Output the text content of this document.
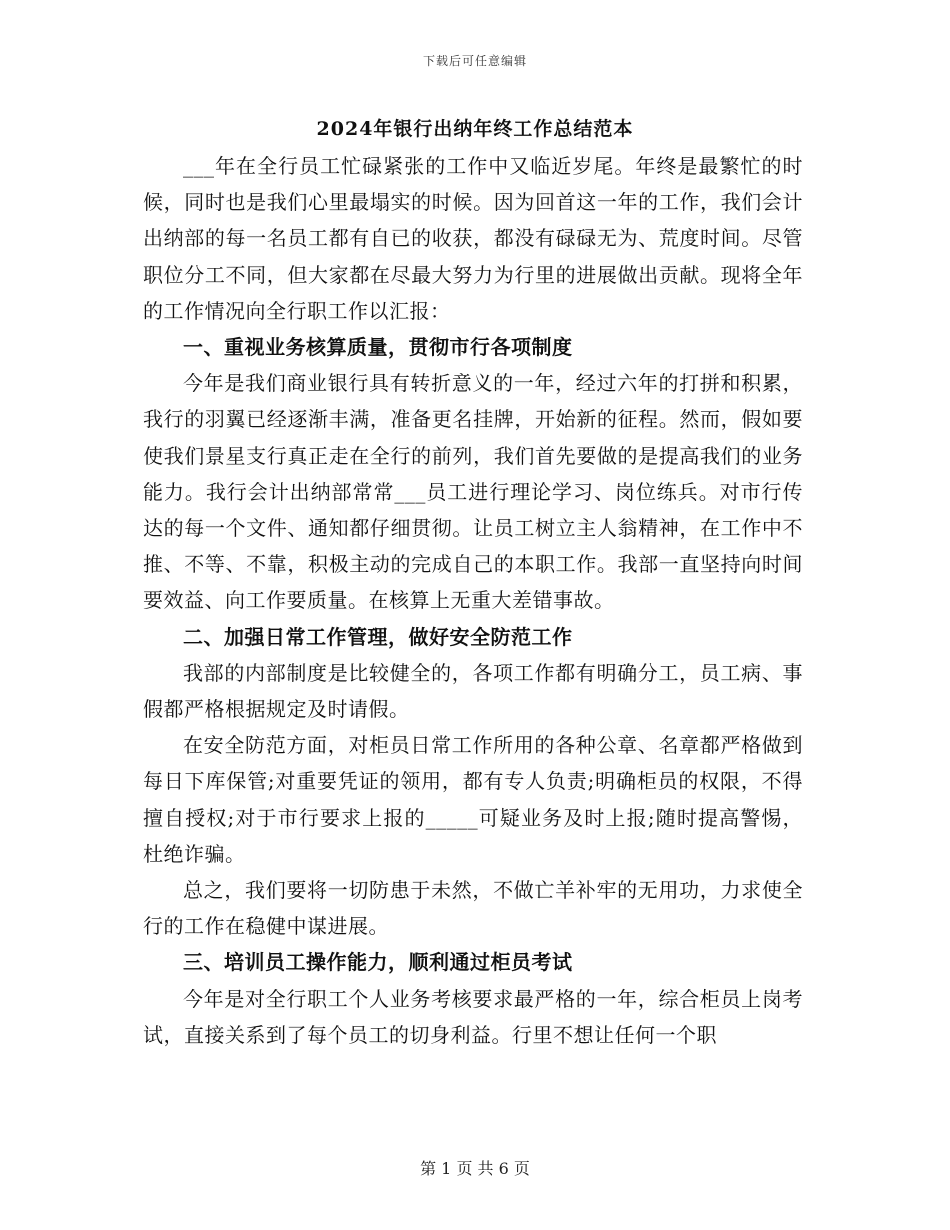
下载后可任意编辑
2024年银行出纳年终工作总结范本

___年在全行员工忙碌紧张的工作中又临近岁尾。年终是最繁忙的时候，同时也是我们心里最塌实的时候。因为回首这一年的工作，我们会计出纳部的每一名员工都有自已的收获，都没有碌碌无为、荒度时间。尽管职位分工不同，但大家都在尽最大努力为行里的进展做出贡献。现将全年的工作情况向全行职工作以汇报：

一、重视业务核算质量，贯彻市行各项制度

今年是我们商业银行具有转折意义的一年，经过六年的打拼和积累，我行的羽翼已经逐渐丰满，准备更名挂牌，开始新的征程。然而，假如要使我们景星支行真正走在全行的前列，我们首先要做的是提高我们的业务能力。我行会计出纳部常常___员工进行理论学习、岗位练兵。对市行传达的每一个文件、通知都仔细贯彻。让员工树立主人翁精神，在工作中不推、不等、不靠，积极主动的完成自己的本职工作。我部一直坚持向时间要效益、向工作要质量。在核算上无重大差错事故。

二、加强日常工作管理，做好安全防范工作

我部的内部制度是比较健全的，各项工作都有明确分工，员工病、事假都严格根据规定及时请假。

在安全防范方面，对柜员日常工作所用的各种公章、名章都严格做到每日下库保管;对重要凭证的领用，都有专人负责;明确柜员的权限，不得擅自授权;对于市行要求上报的_____可疑业务及时上报;随时提高警惕，杜绝诈骗。

总之，我们要将一切防患于未然，不做亡羊补牢的无用功，力求使全行的工作在稳健中谋进展。

三、培训员工操作能力，顺利通过柜员考试

今年是对全行职工个人业务考核要求最严格的一年，综合柜员上岗考试，直接关系到了每个员工的切身利益。行里不想让任何一个职

第 1 页 共 6 页
